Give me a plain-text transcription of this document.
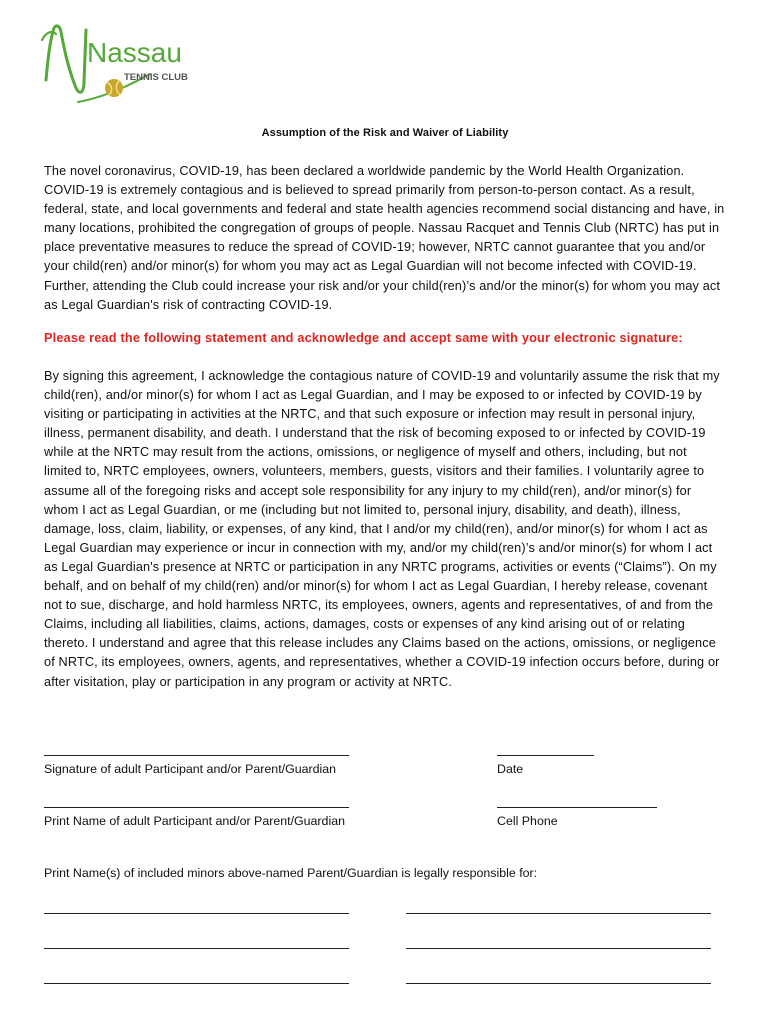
Nassau
TENNIS CLUB
Assumption of the Risk and Waiver of Liability

The novel coronavirus, COVID-19, has been declared a worldwide pandemic by the World Health Organization. COVID-19 is extremely contagious and is believed to spread primarily from person-to-person contact. As a result, federal, state, and local governments and federal and state health agencies recommend social distancing and have, in many locations, prohibited the congregation of groups of people. Nassau Racquet and Tennis Club (NRTC) has put in place preventative measures to reduce the spread of COVID-19; however, NRTC cannot guarantee that you and/or your child(ren) and/or minor(s) for whom you may act as Legal Guardian will not become infected with COVID-19. Further, attending the Club could increase your risk and/or your child(ren)’s and/or the minor(s) for whom you may act as Legal Guardian's risk of contracting COVID-19.

Please read the following statement and acknowledge and accept same with your electronic signature:

By signing this agreement, I acknowledge the contagious nature of COVID-19 and voluntarily assume the risk that my child(ren), and/or minor(s) for whom I act as Legal Guardian, and I may be exposed to or infected by COVID-19 by visiting or participating in activities at the NRTC, and that such exposure or infection may result in personal injury, illness, permanent disability, and death. I understand that the risk of becoming exposed to or infected by COVID-19 while at the NRTC may result from the actions, omissions, or negligence of myself and others, including, but not limited to, NRTC employees, owners, volunteers, members, guests, visitors and their families. I voluntarily agree to assume all of the foregoing risks and accept sole responsibility for any injury to my child(ren), and/or minor(s) for whom I act as Legal Guardian, or me (including but not limited to, personal injury, disability, and death), illness, damage, loss, claim, liability, or expenses, of any kind, that I and/or my child(ren), and/or minor(s) for whom I act as Legal Guardian may experience or incur in connection with my, and/or my child(ren)’s and/or minor(s) for whom I act as Legal Guardian's presence at NRTC or participation in any NRTC programs, activities or events (“Claims”). On my behalf, and on behalf of my child(ren) and/or minor(s) for whom I act as Legal Guardian, I hereby release, covenant not to sue, discharge, and hold harmless NRTC, its employees, owners, agents and representatives, of and from the Claims, including all liabilities, claims, actions, damages, costs or expenses of any kind arising out of or relating thereto. I understand and agree that this release includes any Claims based on the actions, omissions, or negligence of NRTC, its employees, owners, agents, and representatives, whether a COVID-19 infection occurs before, during or after visitation, play or participation in any program or activity at NRTC.

Signature of adult Participant and/or Parent/Guardian	Date
Print Name of adult Participant and/or Parent/Guardian	Cell Phone
Print Name(s) of included minors above-named Parent/Guardian is legally responsible for:
